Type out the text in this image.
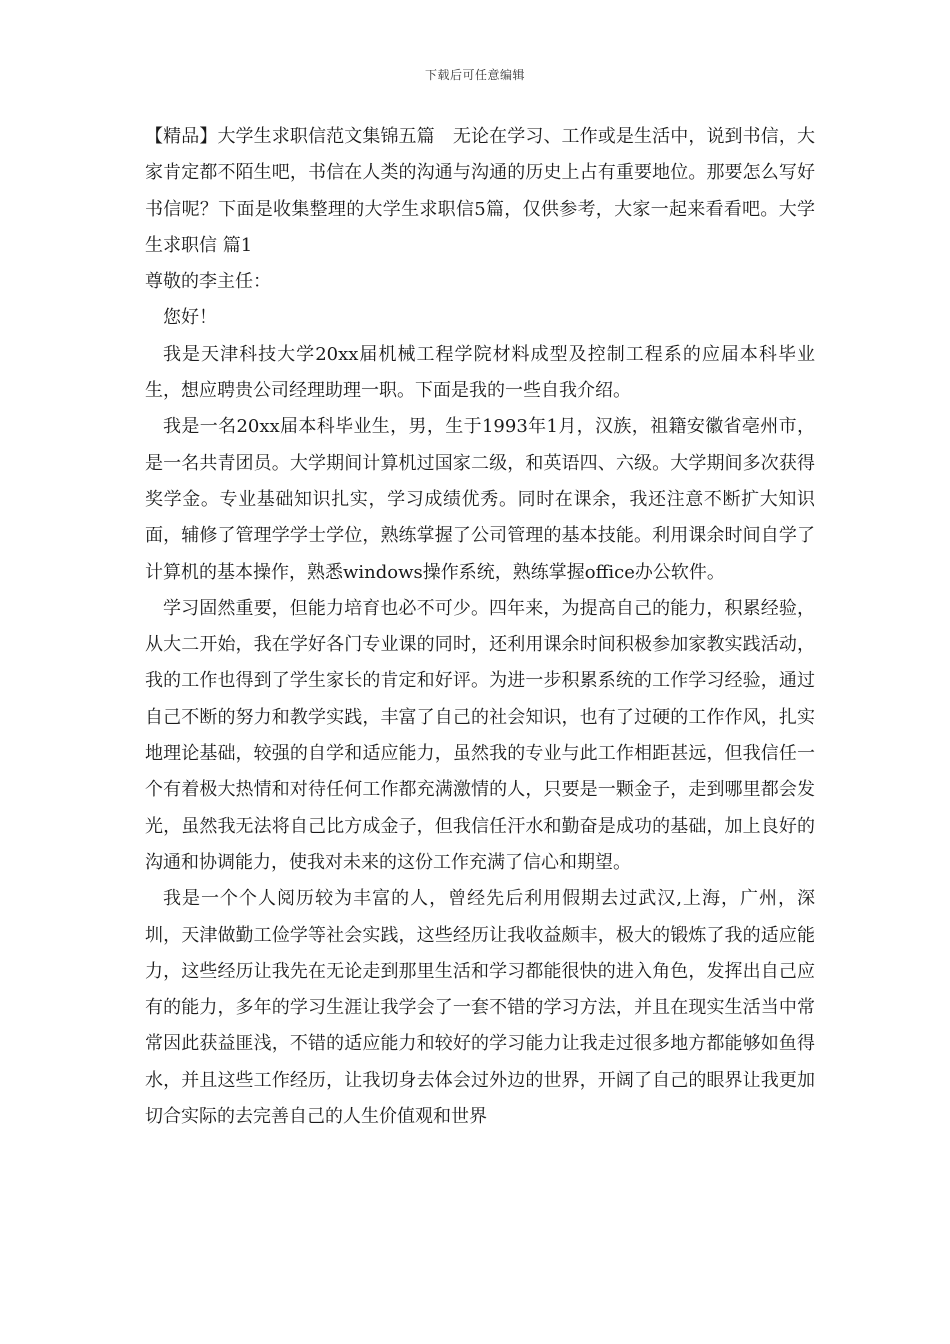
下载后可任意编辑

【精品】大学生求职信范文集锦五篇　无论在学习、工作或是生活中，说到书信，大家肯定都不陌生吧，书信在人类的沟通与沟通的历史上占有重要地位。那要怎么写好书信呢？下面是收集整理的大学生求职信5篇，仅供参考，大家一起来看看吧。大学生求职信 篇1

尊敬的李主任：

您好！

我是天津科技大学20xx届机械工程学院材料成型及控制工程系的应届本科毕业生，想应聘贵公司经理助理一职。下面是我的一些自我介绍。

我是一名20xx届本科毕业生，男，生于1993年1月，汉族，祖籍安徽省亳州市，是一名共青团员。大学期间计算机过国家二级，和英语四、六级。大学期间多次获得奖学金。专业基础知识扎实，学习成绩优秀。同时在课余，我还注意不断扩大知识面，辅修了管理学学士学位，熟练掌握了公司管理的基本技能。利用课余时间自学了计算机的基本操作，熟悉windows操作系统，熟练掌握office办公软件。

学习固然重要，但能力培育也必不可少。四年来，为提高自己的能力，积累经验，从大二开始，我在学好各门专业课的同时，还利用课余时间积极参加家教实践活动，我的工作也得到了学生家长的肯定和好评。为进一步积累系统的工作学习经验，通过自己不断的努力和教学实践，丰富了自己的社会知识，也有了过硬的工作作风，扎实地理论基础，较强的自学和适应能力，虽然我的专业与此工作相距甚远，但我信任一个有着极大热情和对待任何工作都充满激情的人，只要是一颗金子，走到哪里都会发光，虽然我无法将自己比方成金子，但我信任汗水和勤奋是成功的基础，加上良好的沟通和协调能力，使我对未来的这份工作充满了信心和期望。

我是一个个人阅历较为丰富的人，曾经先后利用假期去过武汉,上海，广州，深圳，天津做勤工俭学等社会实践，这些经历让我收益颇丰，极大的锻炼了我的适应能力，这些经历让我先在无论走到那里生活和学习都能很快的进入角色，发挥出自己应有的能力，多年的学习生涯让我学会了一套不错的学习方法，并且在现实生活当中常常因此获益匪浅，不错的适应能力和较好的学习能力让我走过很多地方都能够如鱼得水，并且这些工作经历，让我切身去体会过外边的世界，开阔了自己的眼界让我更加切合实际的去完善自己的人生价值观和世界
